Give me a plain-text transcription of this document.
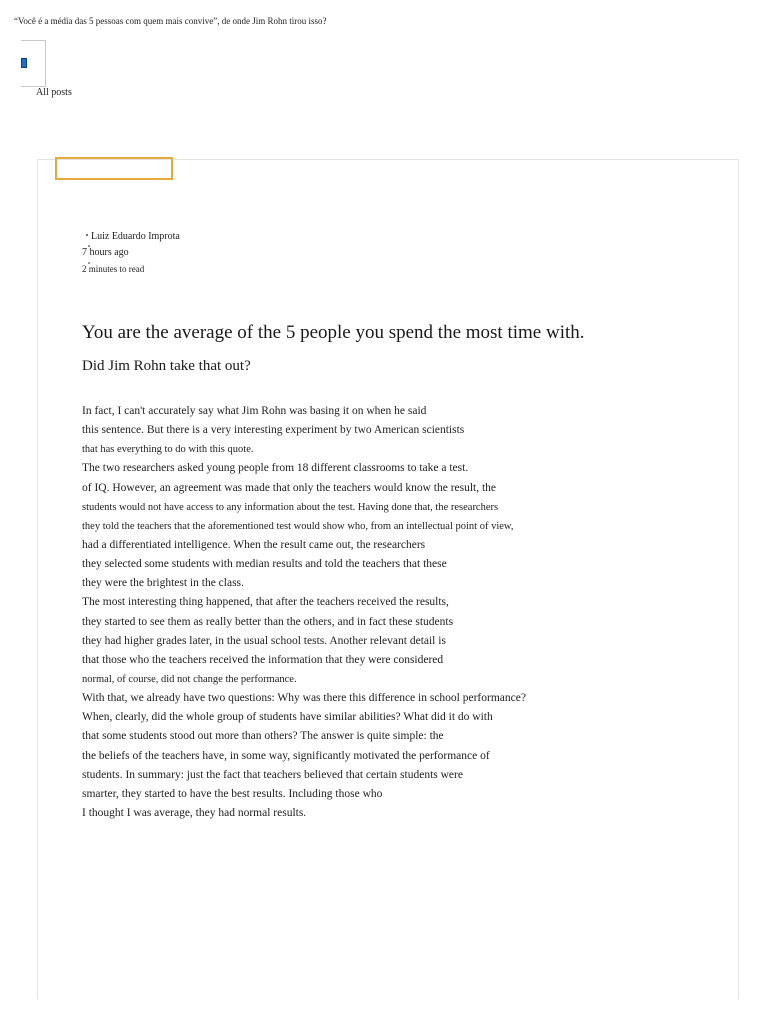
“Você é a média das 5 pessoas com quem mais convive”, de onde Jim Rohn tirou isso?
All posts
Luiz Eduardo Improta
7 hours ago
2 minutes to read
You are the average of the 5 people you spend the most time with.
Did Jim Rohn take that out?
In fact, I can't accurately say what Jim Rohn was basing it on when he said
this sentence. But there is a very interesting experiment by two American scientists
that has everything to do with this quote.
The two researchers asked young people from 18 different classrooms to take a test.
of IQ. However, an agreement was made that only the teachers would know the result, the
students would not have access to any information about the test. Having done that, the researchers
they told the teachers that the aforementioned test would show who, from an intellectual point of view,
had a differentiated intelligence. When the result came out, the researchers
they selected some students with median results and told the teachers that these
they were the brightest in the class.
The most interesting thing happened, that after the teachers received the results,
they started to see them as really better than the others, and in fact these students
they had higher grades later, in the usual school tests. Another relevant detail is
that those who the teachers received the information that they were considered
normal, of course, did not change the performance.
With that, we already have two questions: Why was there this difference in school performance?
When, clearly, did the whole group of students have similar abilities? What did it do with
that some students stood out more than others? The answer is quite simple: the
the beliefs of the teachers have, in some way, significantly motivated the performance of
students. In summary: just the fact that teachers believed that certain students were
smarter, they started to have the best results. Including those who
I thought I was average, they had normal results.
